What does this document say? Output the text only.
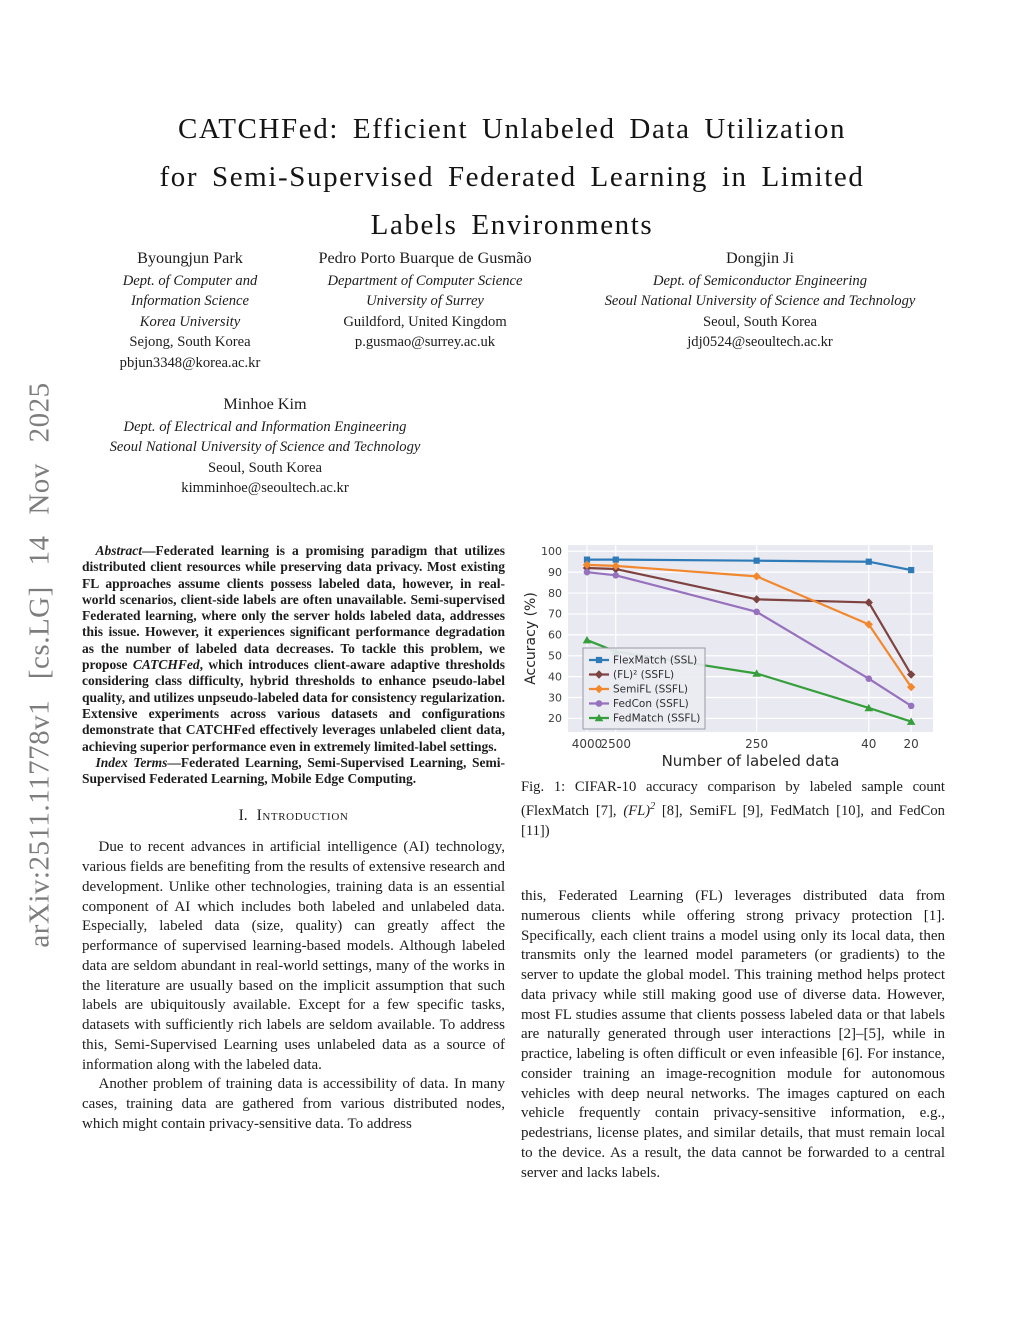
arXiv:2511.11778v1 [cs.LG] 14 Nov 2025
CATCHFed: Efficient Unlabeled Data Utilization
for Semi-Supervised Federated Learning in Limited
Labels Environments
Byoungjun Park
Dept. of Computer and
Information Science
Korea University
Sejong, South Korea
pbjun3348@korea.ac.kr
Pedro Porto Buarque de Gusmão
Department of Computer Science
University of Surrey
Guildford, United Kingdom
p.gusmao@surrey.ac.uk
Dongjin Ji
Dept. of Semiconductor Engineering
Seoul National University of Science and Technology
Seoul, South Korea
jdj0524@seoultech.ac.kr
Minhoe Kim
Dept. of Electrical and Information Engineering
Seoul National University of Science and Technology
Seoul, South Korea
kimminhoe@seoultech.ac.kr

Abstract—Federated learning is a promising paradigm that utilizes distributed client resources while preserving data privacy. Most existing FL approaches assume clients possess labeled data, however, in real-world scenarios, client-side labels are often unavailable. Semi-supervised Federated learning, where only the server holds labeled data, addresses this issue. However, it experiences significant performance degradation as the number of labeled data decreases. To tackle this problem, we propose CATCHFed, which introduces client-aware adaptive thresholds considering class difficulty, hybrid thresholds to enhance pseudo-label quality, and utilizes unpseudo-labeled data for consistency regularization. Extensive experiments across various datasets and configurations demonstrate that CATCHFed effectively leverages unlabeled client data, achieving superior performance even in extremely limited-label settings.

Index Terms—Federated Learning, Semi-Supervised Learning, Semi-Supervised Federated Learning, Mobile Edge Computing.

I. Introduction

Due to recent advances in artificial intelligence (AI) technology, various fields are benefiting from the results of extensive research and development. Unlike other technologies, training data is an essential component of AI which includes both labeled and unlabeled data. Especially, labeled data (size, quality) can greatly affect the performance of supervised learning-based models. Although labeled data are seldom abundant in real-world settings, many of the works in the literature are usually based on the implicit assumption that such labels are ubiquitously available. Except for a few specific tasks, datasets with sufficiently rich labels are seldom available. To address this, Semi-Supervised Learning uses unlabeled data as a source of information along with the labeled data.

Another problem of training data is accessibility of data. In many cases, training data are gathered from various distributed nodes, which might contain privacy-sensitive data. To address

20
30
40
50
60
70
80
90
100
4000
2500	250	40 20
Number of labeled data
Accuracy (%)	FlexMatch (SSL)
(FL)² (SSFL)
SemiFL (SSFL)
FedCon (SSFL)
FedMatch (SSFL)
Fig. 1: CIFAR-10 accuracy comparison by labeled sample count (FlexMatch [7], (FL)$^2$ [8], SemiFL [9], FedMatch [10], and FedCon [11])

this, Federated Learning (FL) leverages distributed data from numerous clients while offering strong privacy protection [1]. Specifically, each client trains a model using only its local data, then transmits only the learned model parameters (or gradients) to the server to update the global model. This training method helps protect data privacy while still making good use of diverse data. However, most FL studies assume that clients possess labeled data or that labels are naturally generated through user interactions [2]–[5], while in practice, labeling is often difficult or even infeasible [6]. For instance, consider training an image-recognition module for autonomous vehicles with deep neural networks. The images captured on each vehicle frequently contain privacy-sensitive information, e.g., pedestrians, license plates, and similar details, that must remain local to the device. As a result, the data cannot be forwarded to a central server and lacks labels.
